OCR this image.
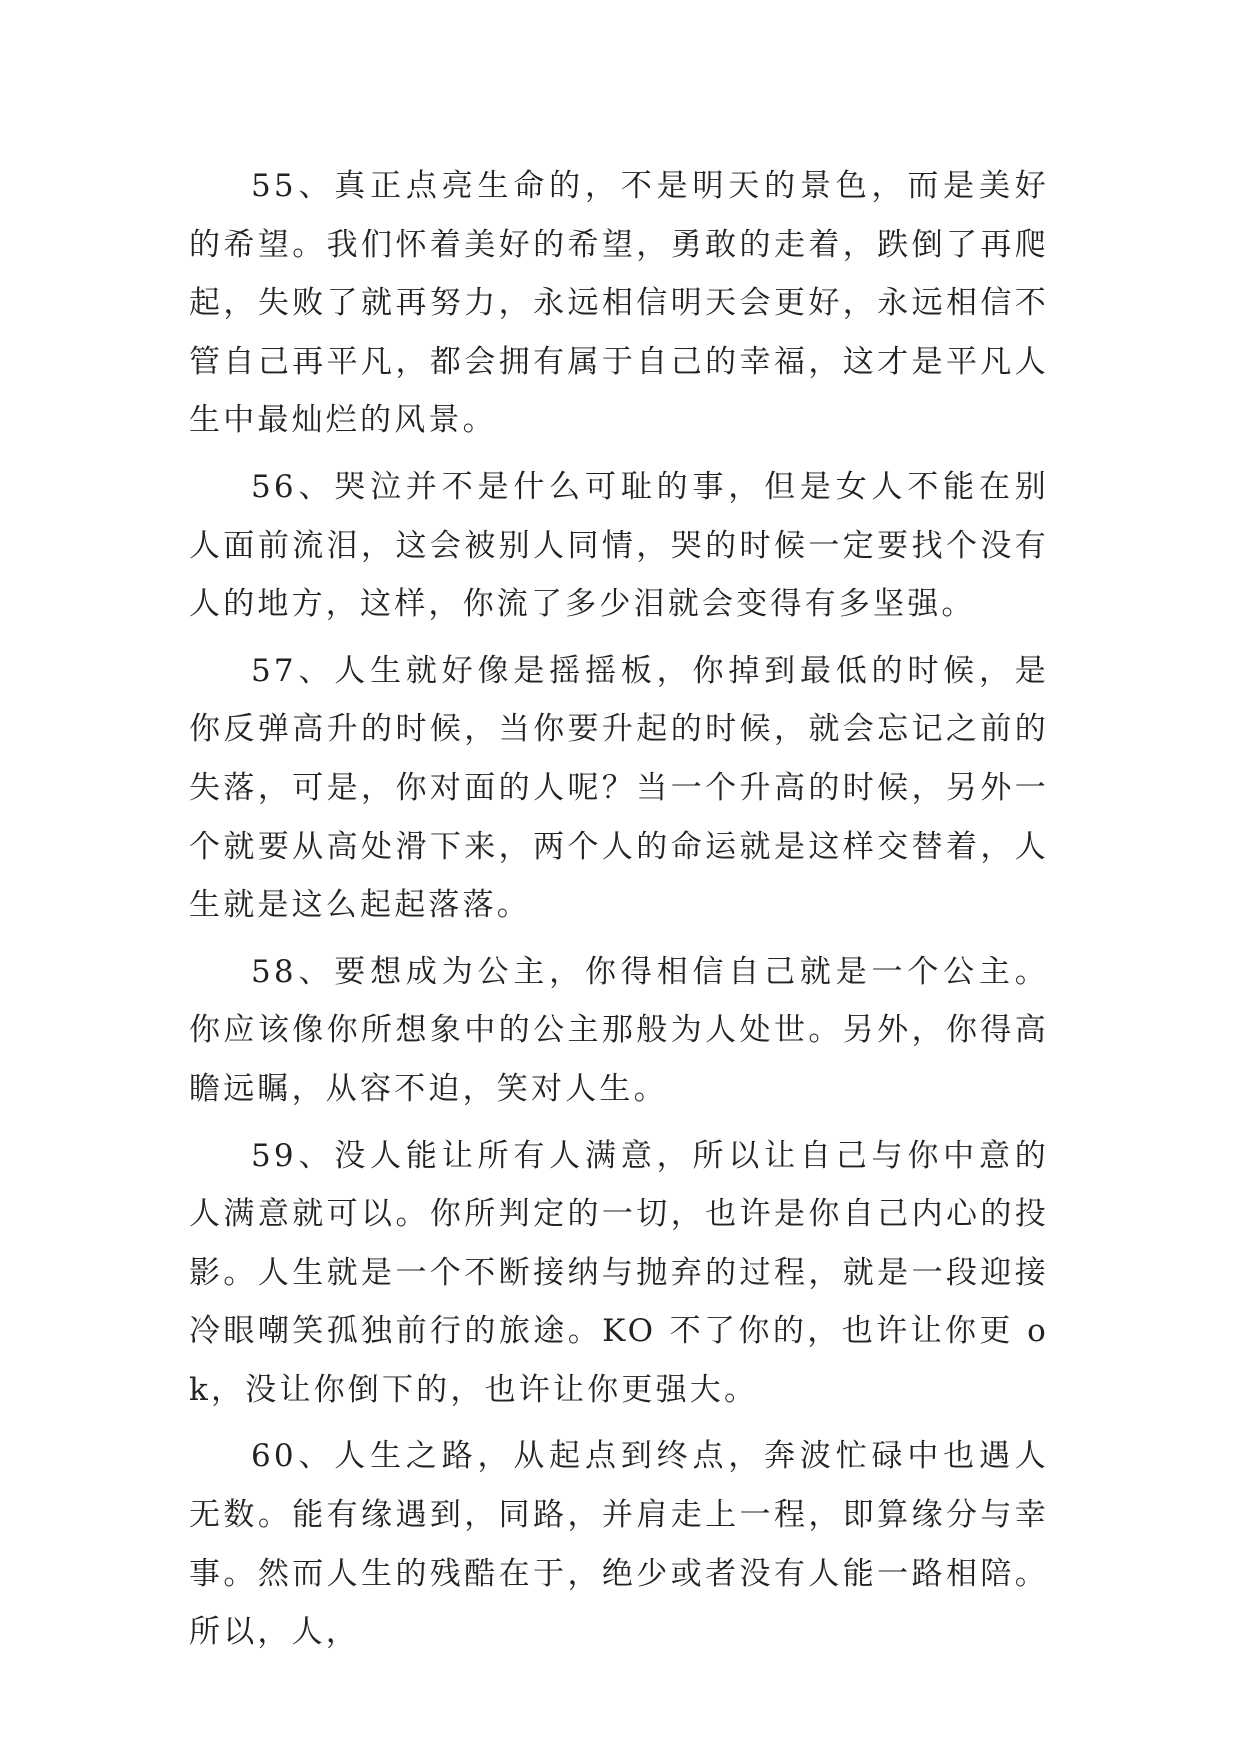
55、真正点亮生命的，不是明天的景色，而是美好的希望。我们怀着美好的希望，勇敢的走着，跌倒了再爬起，失败了就再努力，永远相信明天会更好，永远相信不管自己再平凡，都会拥有属于自己的幸福，这才是平凡人生中最灿烂的风景。

56、哭泣并不是什么可耻的事，但是女人不能在别人面前流泪，这会被别人同情，哭的时候一定要找个没有人的地方，这样，你流了多少泪就会变得有多坚强。

57、人生就好像是摇摇板，你掉到最低的时候，是你反弹高升的时候，当你要升起的时候，就会忘记之前的失落，可是，你对面的人呢？当一个升高的时候，另外一个就要从高处滑下来，两个人的命运就是这样交替着，人生就是这么起起落落。

58、要想成为公主，你得相信自己就是一个公主。你应该像你所想象中的公主那般为人处世。另外，你得高瞻远瞩，从容不迫，笑对人生。

59、没人能让所有人满意，所以让自己与你中意的人满意就可以。你所判定的一切，也许是你自己内心的投影。人生就是一个不断接纳与抛弃的过程，就是一段迎接冷眼嘲笑孤独前行的旅途。KO 不了你的，也许让你更 ok，没让你倒下的，也许让你更强大。

60、人生之路，从起点到终点，奔波忙碌中也遇人无数。能有缘遇到，同路，并肩走上一程，即算缘分与幸事。然而人生的残酷在于，绝少或者没有人能一路相陪。所以，人，
